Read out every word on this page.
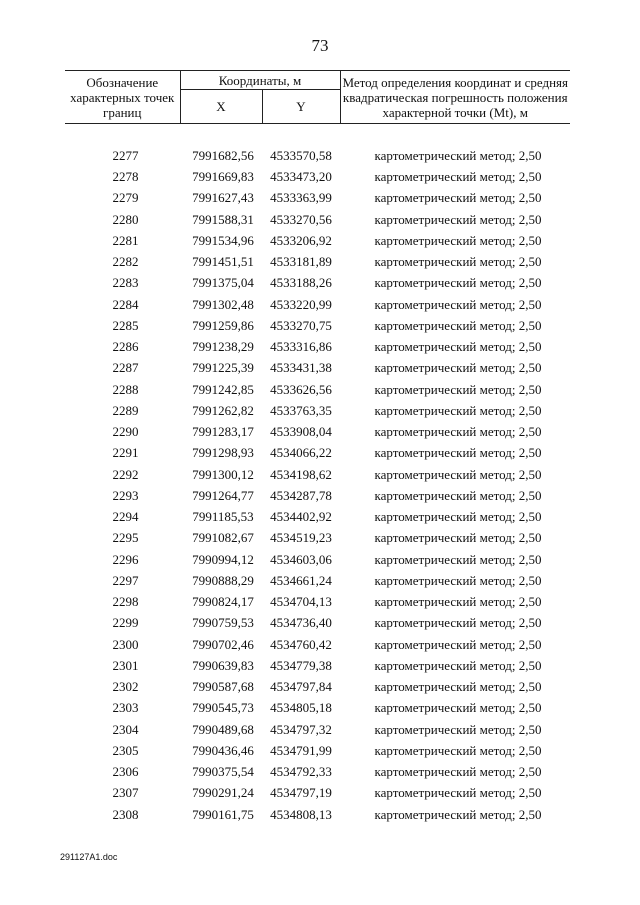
73
Обозначение характерных точек границ	Координаты, м		Метод определения координат и средняя квадратическая погрешность положения характерной точки (Mt), м
	X	Y	

2277	7991682,56	4533570,58	картометрический метод; 2,50
2278	7991669,83	4533473,20	картометрический метод; 2,50
2279	7991627,43	4533363,99	картометрический метод; 2,50
2280	7991588,31	4533270,56	картометрический метод; 2,50
2281	7991534,96	4533206,92	картометрический метод; 2,50
2282	7991451,51	4533181,89	картометрический метод; 2,50
2283	7991375,04	4533188,26	картометрический метод; 2,50
2284	7991302,48	4533220,99	картометрический метод; 2,50
2285	7991259,86	4533270,75	картометрический метод; 2,50
2286	7991238,29	4533316,86	картометрический метод; 2,50
2287	7991225,39	4533431,38	картометрический метод; 2,50
2288	7991242,85	4533626,56	картометрический метод; 2,50
2289	7991262,82	4533763,35	картометрический метод; 2,50
2290	7991283,17	4533908,04	картометрический метод; 2,50
2291	7991298,93	4534066,22	картометрический метод; 2,50
2292	7991300,12	4534198,62	картометрический метод; 2,50
2293	7991264,77	4534287,78	картометрический метод; 2,50
2294	7991185,53	4534402,92	картометрический метод; 2,50
2295	7991082,67	4534519,23	картометрический метод; 2,50
2296	7990994,12	4534603,06	картометрический метод; 2,50
2297	7990888,29	4534661,24	картометрический метод; 2,50
2298	7990824,17	4534704,13	картометрический метод; 2,50
2299	7990759,53	4534736,40	картометрический метод; 2,50
2300	7990702,46	4534760,42	картометрический метод; 2,50
2301	7990639,83	4534779,38	картометрический метод; 2,50
2302	7990587,68	4534797,84	картометрический метод; 2,50
2303	7990545,73	4534805,18	картометрический метод; 2,50
2304	7990489,68	4534797,32	картометрический метод; 2,50
2305	7990436,46	4534791,99	картометрический метод; 2,50
2306	7990375,54	4534792,33	картометрический метод; 2,50
2307	7990291,24	4534797,19	картометрический метод; 2,50
2308	7990161,75	4534808,13	картометрический метод; 2,50
291127A1.doc
